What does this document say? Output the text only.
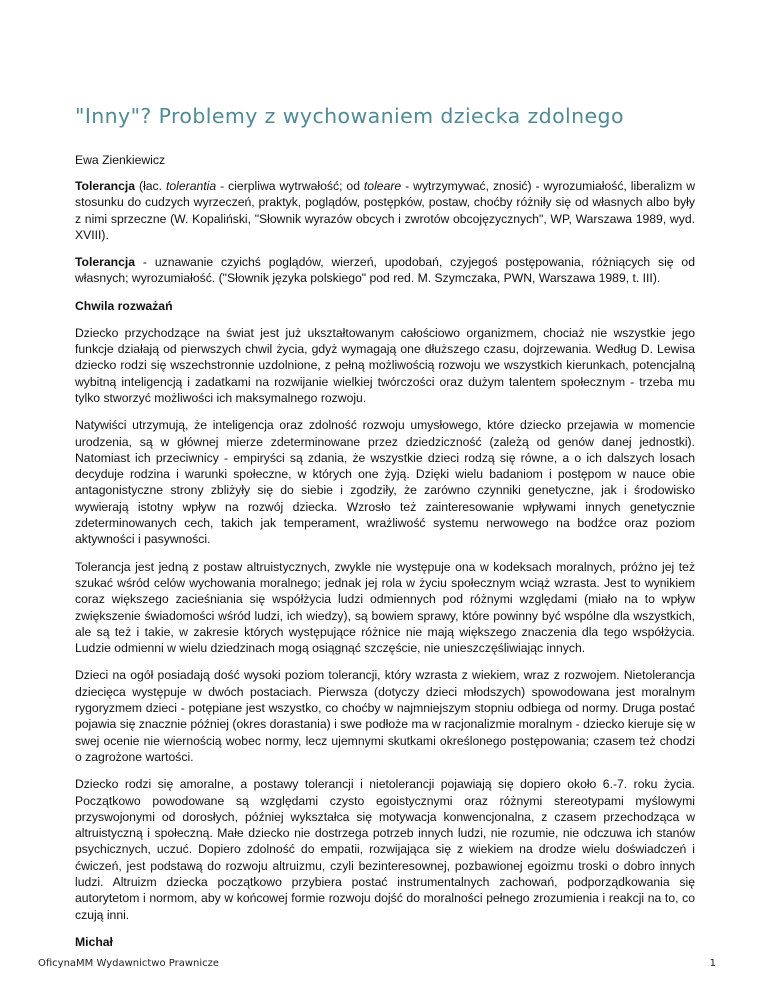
"Inny"? Problemy z wychowaniem dziecka zdolnego
Ewa Zienkiewicz

Tolerancja (łac. tolerantia - cierpliwa wytrwałość; od toleare - wytrzymywać, znosić) - wyrozumiałość, liberalizm w stosunku do cudzych wyrzeczeń, praktyk, poglądów, postępków, postaw, choćby różniły się od własnych albo były z nimi sprzeczne (W. Kopaliński, "Słownik wyrazów obcych i zwrotów obcojęzycznych", WP, Warszawa 1989, wyd. XVIII).

Tolerancja - uznawanie czyichś poglądów, wierzeń, upodobań, czyjegoś postępowania, różniących się od własnych; wyrozumiałość. ("Słownik języka polskiego" pod red. M. Szymczaka, PWN, Warszawa 1989, t. III).

Chwila rozważań

Dziecko przychodzące na świat jest już ukształtowanym całościowo organizmem, chociaż nie wszystkie jego funkcje działają od pierwszych chwil życia, gdyż wymagają one dłuższego czasu, dojrzewania. Według D. Lewisa dziecko rodzi się wszechstronnie uzdolnione, z pełną możliwością rozwoju we wszystkich kierunkach, potencjalną wybitną inteligencją i zadatkami na rozwijanie wielkiej twórczości oraz dużym talentem społecznym - trzeba mu tylko stworzyć możliwości ich maksymalnego rozwoju.

Natywiści utrzymują, że inteligencja oraz zdolność rozwoju umysłowego, które dziecko przejawia w momencie urodzenia, są w głównej mierze zdeterminowane przez dziedziczność (zależą od genów danej jednostki). Natomiast ich przeciwnicy - empiryści są zdania, że wszystkie dzieci rodzą się równe, a o ich dalszych losach decyduje rodzina i warunki społeczne, w których one żyją. Dzięki wielu badaniom i postępom w nauce obie antagonistyczne strony zbliżyły się do siebie i zgodziły, że zarówno czynniki genetyczne, jak i środowisko wywierają istotny wpływ na rozwój dziecka. Wzrosło też zainteresowanie wpływami innych genetycznie zdeterminowanych cech, takich jak temperament, wrażliwość systemu nerwowego na bodźce oraz poziom aktywności i pasywności.

Tolerancja jest jedną z postaw altruistycznych, zwykle nie występuje ona w kodeksach moralnych, próżno jej też szukać wśród celów wychowania moralnego; jednak jej rola w życiu społecznym wciąż wzrasta. Jest to wynikiem coraz większego zacieśniania się współżycia ludzi odmiennych pod różnymi względami (miało na to wpływ zwiększenie świadomości wśród ludzi, ich wiedzy), są bowiem sprawy, które powinny być wspólne dla wszystkich, ale są też i takie, w zakresie których występujące różnice nie mają większego znaczenia dla tego współżycia. Ludzie odmienni w wielu dziedzinach mogą osiągnąć szczęście, nie unieszczęśliwiając innych.

Dzieci na ogół posiadają dość wysoki poziom tolerancji, który wzrasta z wiekiem, wraz z rozwojem. Nietolerancja dziecięca występuje w dwóch postaciach. Pierwsza (dotyczy dzieci młodszych) spowodowana jest moralnym rygoryzmem dzieci - potępiane jest wszystko, co choćby w najmniejszym stopniu odbiega od normy. Druga postać pojawia się znacznie później (okres dorastania) i swe podłoże ma w racjonalizmie moralnym - dziecko kieruje się w swej ocenie nie wiernością wobec normy, lecz ujemnymi skutkami określonego postępowania; czasem też chodzi o zagrożone wartości.

Dziecko rodzi się amoralne, a postawy tolerancji i nietolerancji pojawiają się dopiero około 6.-7. roku życia. Początkowo powodowane są względami czysto egoistycznymi oraz różnymi stereotypami myślowymi przyswojonymi od dorosłych, później wykształca się motywacja konwencjonalna, z czasem przechodząca w altruistyczną i społeczną. Małe dziecko nie dostrzega potrzeb innych ludzi, nie rozumie, nie odczuwa ich stanów psychicznych, uczuć. Dopiero zdolność do empatii, rozwijająca się z wiekiem na drodze wielu doświadczeń i ćwiczeń, jest podstawą do rozwoju altruizmu, czyli bezinteresownej, pozbawionej egoizmu troski o dobro innych ludzi. Altruizm dziecka początkowo przybiera postać instrumentalnych zachowań, podporządkowania się autorytetom i normom, aby w końcowej formie rozwoju dojść do moralności pełnego zrozumienia i reakcji na to, co czują inni.

Michał
OficynaMM Wydawnictwo Prawnicze	1
